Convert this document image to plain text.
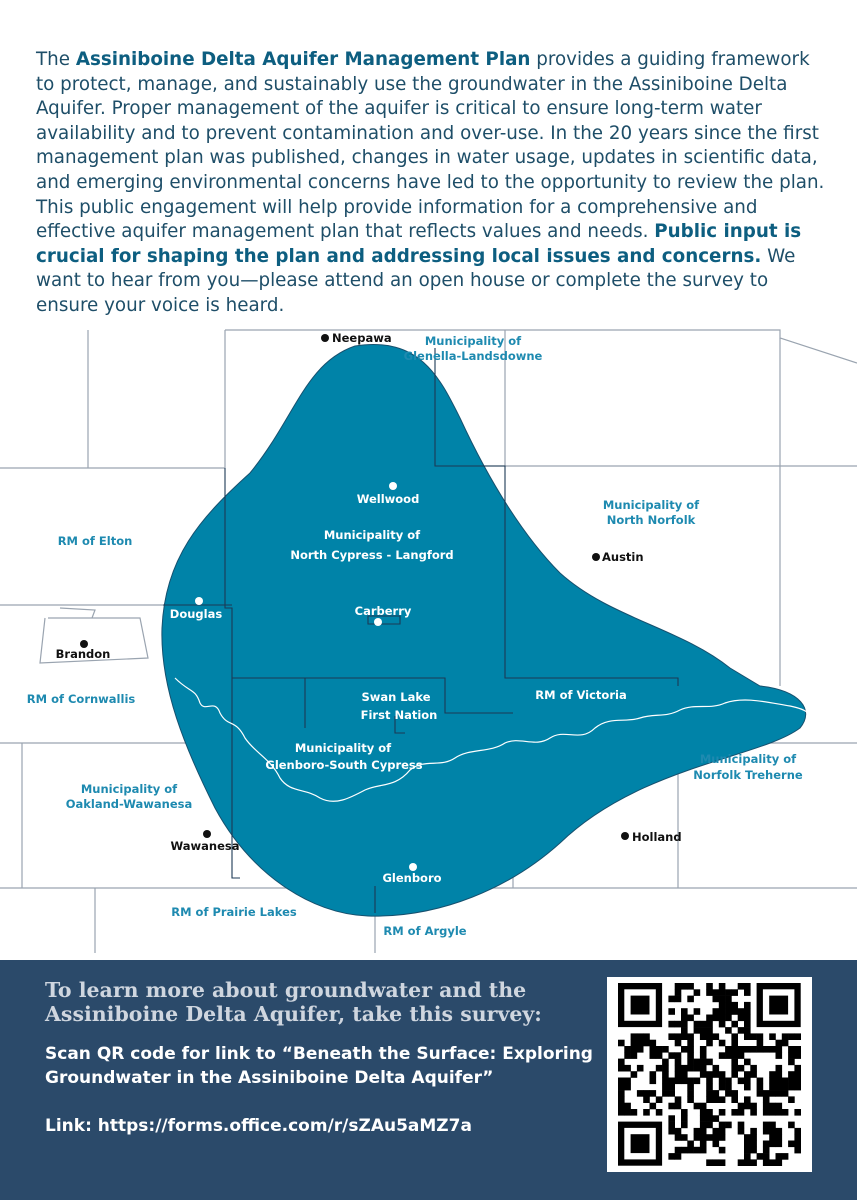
The Assiniboine Delta Aquifer Management Plan provides a guiding framework to protect, manage, and sustainably use the groundwater in the Assiniboine Delta Aquifer. Proper management of the aquifer is critical to ensure long-term water availability and to prevent contamination and over-use. In the 20 years since the first management plan was published, changes in water usage, updates in scientific data, and emerging environmental concerns have led to the opportunity to review the plan. This public engagement will help provide information for a comprehensive and effective aquifer management plan that reflects values and needs. Public input is crucial for shaping the plan and addressing local issues and concerns. We want to hear from you—please attend an open house or complete the survey to ensure your voice is heard.
Municipality of
Glenella-Landsdowne
Municipality of
North Norfolk
RM of Elton	Municipality of
North Cypress - Langford
RM of Cornwallis	RM of Victoria
Swan Lake
First Nation
Municipality of
Glenboro-South Cypress	Municipality of
Norfolk Treherne
Municipality of
Oakland-Wawanesa
RM of Prairie Lakes
RM of Argyle
Neepawa
Wellwood
Austin
Douglas	Carberry
Brandon
Wawanesa
Holland
Glenboro
To learn more about groundwater and the Assiniboine Delta Aquifer, take this survey:
Scan QR code for link to “Beneath the Surface: Exploring Groundwater in the Assiniboine Delta Aquifer”
Link: https://forms.office.com/r/sZAu5aMZ7a
